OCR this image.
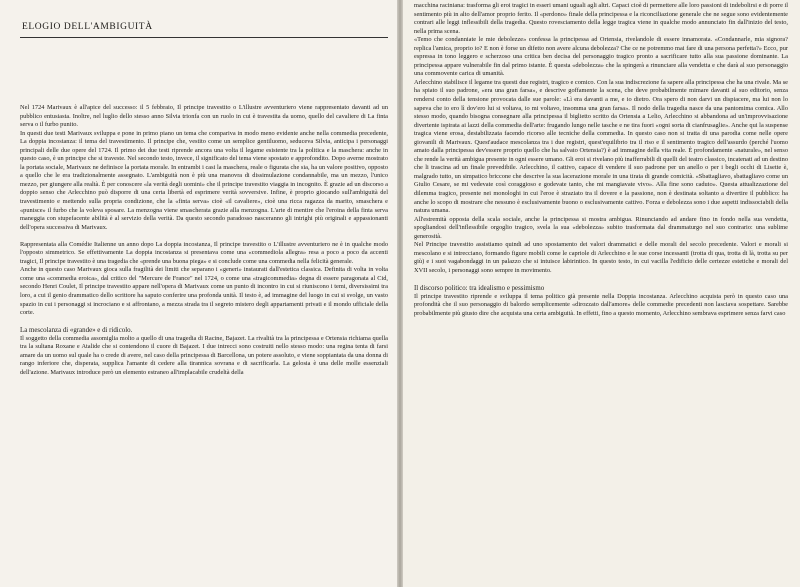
ELOGIO DELL'AMBIGUITÀ

Nel 1724 Marivaux è all'apice del successo: il 5 febbraio, Il principe travestito o L'illustre avventuriero viene rappresentato davanti ad un pubblico entusiasta. Inoltre, nel luglio dello stesso anno Silvia trionfa con un ruolo in cui è travestita da uomo, quello del cavaliere di La finta serva o il furbo punito.

In questi due testi Marivaux sviluppa e pone in primo piano un tema che compariva in modo meno evidente anche nella commedia precedente, La doppia incostanza: il tema del travestimento. Il principe che, vestito come un semplice gentiluomo, seduceva Silvia, anticipa i personaggi principali delle due opere del 1724. Il primo dei due testi riprende ancora una volta il legame esistente tra la politica e la maschera: anche in questo caso, è un principe che si traveste. Nel secondo testo, invece, il significato del tema viene spostato e approfondito. Dopo averne mostrato la portata sociale, Marivaux ne definisce la portata morale. In entrambi i casi la maschera, reale o figurata che sia, ha un valore positivo, opposto a quello che le era tradizionalmente assegnato. L'ambiguità non è più una manovra di dissimulazione condannabile, ma un mezzo, l'unico mezzo, per giungere alla realtà. È per conoscere «la verità degli uomini» che il principe travestito viaggia in incognito. È grazie ad un discorso a doppio senso che Arlecchino può disporre di una certa libertà ed esprimere verità sovversive. Infine, è proprio giocando sull'ambiguità del travestimento e mettendo sulla propria condizione, che la «finta serva» cioè «il cavaliere», cioè una ricca ragazza da marito, smaschera e «punisce» il furbo che la voleva sposare. La menzogna viene smascherata grazie alla menzogna. L'arte di mentire che l'eroina della finta serva maneggia con stupefacente abilità è al servizio della verità. Da questo secondo paradosso nasceranno gli intrighi più originali e appassionanti dell'opera successiva di Marivaux.

Rappresentata alla Comédie Italienne un anno dopo La doppia incostanza, Il principe travestito o L'illustre avventuriero ne è in qualche modo l'opposto simmetrico. Se effettivamente La doppia incostanza si presentava come una «commediola allegra» resa a poco a poco da accenti tragici, Il principe travestito è una tragedia che «prende una buona piega» e si conclude come una commedia nella felicità generale.

Anche in questo caso Marivaux gioca sulla fragilità dei limiti che separano i «generi» instaurati dall'estetica classica. Definita di volta in volta come una «commedia eroica», dal critico del "Mercure de France" nel 1724, o come una «tragicommedia» degna di essere paragonata al Cid, secondo Henri Coulet, Il principe travestito appare nell'opera di Marivaux come un punto di incontro in cui si riuniscono i temi, diversissimi tra loro, a cui il genio drammatico dello scrittore ha saputo conferire una profonda unità. Il testo è, ad immagine del luogo in cui si svolge, un vasto spazio in cui i personaggi si incrociano e si affrontano, a mezza strada tra il segreto mistero degli appartamenti privati e il mondo ufficiale della corte.

La mescolanza di «grande» e di ridicolo.

Il soggetto della commedia assomiglia molto a quello di una tragedia di Racine, Bajazet. La rivalità tra la principessa e Ortensia richiama quella tra la sultana Roxane e Atalide che si contendono il cuore di Bajazet. I due intrecci sono costruiti nello stesso modo: una regina tenta di farsi amare da un uomo sul quale ha o crede di avere, nel caso della principessa di Barcellona, un potere assoluto, e viene soppiantata da una donna di rango inferiore che, disperata, supplica l'amante di cedere alla tirannica sovrana e di sacrificarla. La gelosia è una delle molle essenziali dell'azione. Marivaux introduce però un elemento estraneo all'implacabile crudeltà della

macchina raciniana: trasforma gli eroi tragici in esseri umani uguali agli altri. Capaci cioè di permettere alle loro passioni di indebolirsi e di porre il sentimento più in alto dell'amor proprio ferito. Il «perdono» finale della principessa e la riconciliazione generale che ne segue sono evidentemente contrari alle leggi inflessibili della tragedia. Questo rovesciamento della legge tragica viene in qualche modo annunciato fin dall'inizio del testo, nella prima scena.

«Temo che condanniate le mie debolezze» confessa la principessa ad Ortensia, rivelandole di essere innamorata. «Condannarle, mia signora? replica l'amica, proprio io? E non è forse un difetto non avere alcuna debolezza? Che ce ne potremmo mai fare di una persona perfetta?» Ecco, pur espressa in tono leggero e scherzoso una critica ben decisa del personaggio tragico pronto a sacrificare tutto alla sua passione dominante. La principessa appare vulnerabile fin dal primo istante. È questa «debolezza» che la spingerà a rinunciare alla vendetta e che darà al suo personaggio una commovente carica di umanità.

Arlecchino stabilisce il legame tra questi due registri, tragico e comico. Con la sua indiscrezione fa sapere alla principessa che ha una rivale. Ma se ha spiato il suo padrone, «era una gran farsa», e descrive goffamente la scena, che deve probabilmente mimare davanti al suo editorio, senza rendersi conto della tensione provocata dalle sue parole: «Lì era davanti a me, e io dietro. Ora spero di non darvi un dispiacere, ma lui non lo sapeva che io ero lì dov'ero lui si voltava, io mi voltavo, insomma una gran farsa». Il nodo della tragedia nasce da una pantomima comica. Allo stesso modo, quando bisogna consegnare alla principessa il biglietto scritto da Ortensia a Lelio, Arlecchino si abbandona ad un'improvvisazione divertente ispirata ai lazzi della commedia dell'arte: frugando lungo nelle tasche e ne tira fuori «ogni sorta di cianfrusaglie». Anche qui la suspense tragica viene erosa, destabilizzata facendo ricorso alle tecniche della commedia. In questo caso non si tratta di una parodia come nelle opere giovanili di Marivaux. Quest'audace mescolanza tra i due registri, quest'equilibrio tra il riso e il sentimento tragico dell'assurdo (perché l'uomo amato dalla principessa dev'essere proprio quello che ha salvato Ortensia?) è ad immagine della vita reale. È profondamente «naturale», nel senso che rende la verità ambigua presente in ogni essere umano. Gli eroi si rivelano più inafferrabili di quelli del teatro classico, incatenati ad un destino che li trascina ad un finale prevedibile. Arlecchino, il cattivo, capace di vendere il suo padrone per un anello o per i begli occhi di Lisette è, malgrado tutto, un simpatico briccone che descrive la sua lacerazione morale in una tirata di grande comicità. «Sbattagliavo, sbattagliavo come un Giulio Cesare, se mi vedevate così coraggioso e godevate tanto, che mi mangiavate vivo». Alla fine sono caduto». Questa attualizzazione del dilemma tragico, presente nei monologhi in cui l'eroe è straziato tra il dovere e la passione, non è destinata soltanto a divertire il pubblico: ha anche lo scopo di mostrare che nessuno è esclusivamente buono o esclusivamente cattivo. Forza e debolezza sono i due aspetti indissociabili della natura umana.

All'estremità opposta della scala sociale, anche la principessa si mostra ambigua. Rinunciando ad andare fino in fondo nella sua vendetta, spogliandosi dell'inflessibile orgoglio tragico, svela la sua «debolezza» subito trasformata dal drammaturgo nel suo contrario: una sublime generosità.

Nel Principe travestito assistiamo quindi ad uno spostamento dei valori drammatici e delle morali del secolo precedente. Valori e morali si mescolano e si intrecciano, formando figure mobili come le capriole di Arlecchino e le sue corse incessanti (trotta di qua, trotta di là, trotta su per giù) e i suoi vagabondaggi in un palazzo che si intuisce labirintico. In questo testo, in cui vacilla l'edificio delle certezze estetiche e morali del XVII secolo, i personaggi sono sempre in movimento.

Il discorso politico: tra idealismo e pessimismo

Il principe travestito riprende e sviluppa il tema politico già presente nella Doppia incostanza. Arlecchino acquista però in questo caso una profondità che il suo personaggio di balordo semplicemente «dirozzato dall'amore» delle commedie precedenti non lasciava sospettare. Sarebbe probabilmente più giusto dire che acquista una certa ambiguità. In effetti, fino a questo momento, Arlecchino sembrava esprimere senza farvi caso
